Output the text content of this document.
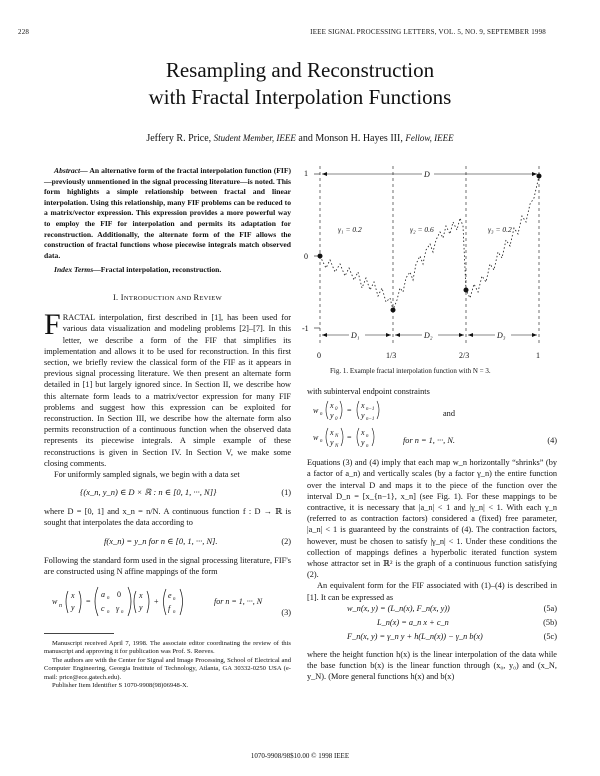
228	IEEE SIGNAL PROCESSING LETTERS, VOL. 5, NO. 9, SEPTEMBER 1998
Resampling and Reconstruction
with Fractal Interpolation Functions
Jeffery R. Price, Student Member, IEEE and Monson H. Hayes III, Fellow, IEEE

Abstract— An alternative form of the fractal interpolation function (FIF)—previously unmentioned in the signal processing literature—is noted. This form highlights a simple relationship between fractal and linear interpolation. Using this relationship, many FIF problems can be reduced to a matrix/vector expression. This expression provides a more powerful way to employ the FIF for interpolation and permits its adaptation for reconstruction. Additionally, the alternate form of the FIF allows the construction of fractal functions whose piecewise integrals match observed data.

Index Terms—Fractal interpolation, reconstruction.

I. INTRODUCTION AND REVIEW

FRACTAL interpolation, first described in [1], has been used for various data visualization and modeling problems [2]–[7]. In this letter, we describe a form of the FIF that simplifies its implementation and allows it to be used for reconstruction. In this first section, we briefly review the classical form of the FIF as it appears in previous signal processing literature. We then present an alternate form detailed in [1] but largely ignored since. In Section II, we describe how this alternate form leads to a matrix/vector expression for many FIF problems and suggest how this expression can be exploited for reconstruction. In Section III, we describe how the alternate form also permits reconstruction of a continuous function when the observed data represents its piecewise integrals. A simple example of these reconstructions is given in Section IV. In Section V, we make some closing comments.

For uniformly sampled signals, we begin with a data set

{(x_n, y_n) ∈ D × ℝ : n ∈ [0, 1, ···, N]}	(1)

where D = [0, 1] and x_n = n/N. A continuous function f : D → ℝ is sought that interpolates the data according to

f(x_n) = y_n for n ∈ [0, 1, ···, N].	(2)

Following the standard form used in the signal processing literature, FIF's are constructed using N affine mappings of the form

w n
x
y
=
a n 0
c n γ n
x
y
+
e n
f n
for n = 1, ···, N
(3)

Manuscript received April 7, 1998. The associate editor coordinating the review of this manuscript and approving it for publication was Prof. S. Reeves.

The authors are with the Center for Signal and Image Processing, School of Electrical and Computer Engineering, Georgia Institute of Technology, Atlanta, GA 30332-0250 USA (e-mail: price@ece.gatech.edu).

Publisher Item Identifier S 1070-9908(98)06948-X.

1
0
-1
D
γ₁ = 0.2	γ₂ = 0.6	γ₃ = 0.2
D₁	D₂	D₃
0	1/3	2/3	1
Fig. 1. Example fractal interpolation function with N = 3.

with subinterval endpoint constraints

w n
x 0
y 0
=
x n−1
y n−1
w n
x N
y N
=
x n
y n
and
for n = 1, ···, N.	(4)

Equations (3) and (4) imply that each map w_n horizontally “shrinks” (by a factor of a_n) and vertically scales (by a factor γ_n) the entire function over the interval D and maps it to the piece of the function over the interval D_n = [x_{n−1}, x_n] (see Fig. 1). For these mappings to be contractive, it is necessary that |a_n| < 1 and |γ_n| < 1. With each γ_n (referred to as contraction factors) considered a (fixed) free parameter, |a_n| < 1 is guaranteed by the constraints of (4). The contraction factors, however, must be chosen to satisfy |γ_n| < 1. Under these conditions the collection of mappings defines a hyperbolic iterated function system whose attractor set in ℝ² is the graph of a continuous function satisfying (2).

An equivalent form for the FIF associated with (1)–(4) is described in [1]. It can be expressed as

w_n(x, y) = (L_n(x), F_n(x, y))	(5a)
L_n(x) = a_n x + c_n	(5b)
F_n(x, y) = γ_n y + h(L_n(x)) − γ_n b(x)	(5c)

where the height function h(x) is the linear interpolation of the data while the base function b(x) is the linear function through (x₀, y₀) and (x_N, y_N). (More general functions h(x) and b(x)

1070-9908/98$10.00 © 1998 IEEE
